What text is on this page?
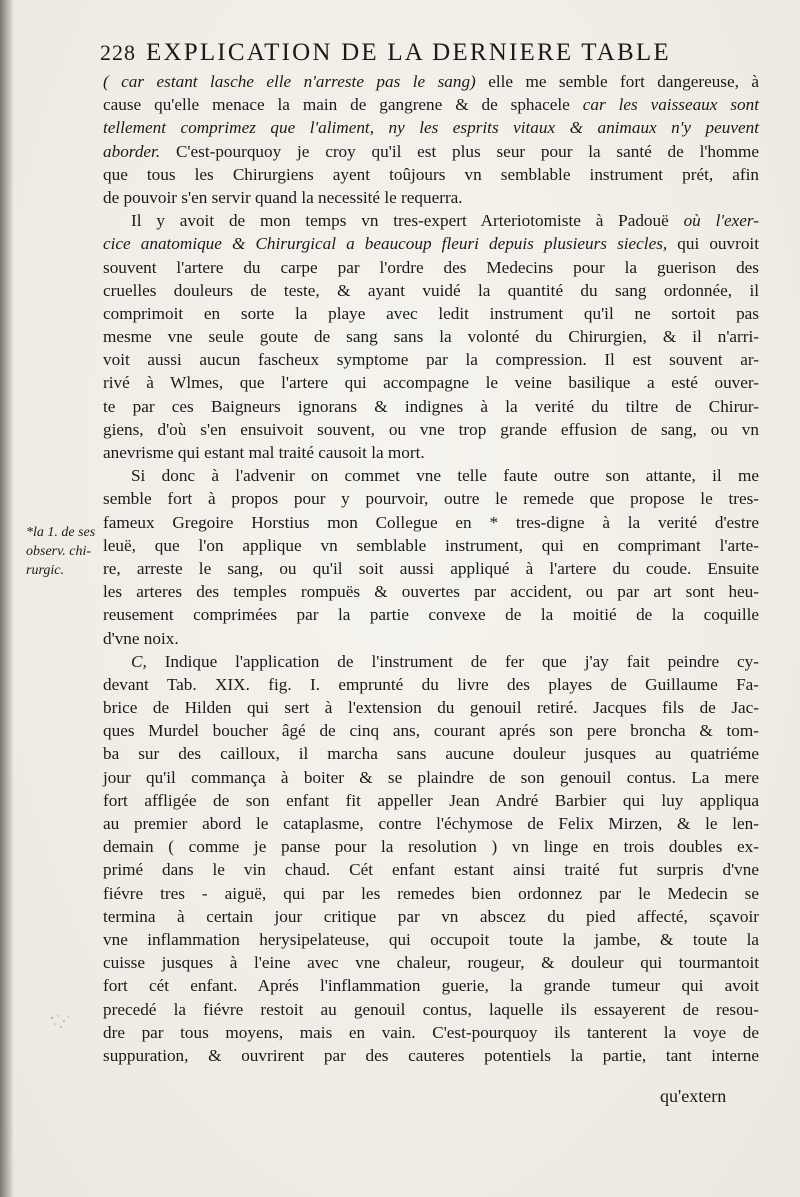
228 EXPLICATION DE LA DERNIERE TABLE
*la 1. de ses
observ. chi-
rurgic.
( car estant lasche elle n'arreste pas le sang) elle me semble fort dangereuse, à
cause qu'elle menace la main de gangrene & de sphacele car les vaisseaux sont
tellement comprimez que l'aliment, ny les esprits vitaux & animaux n'y peuvent
aborder. C'est-pourquoy je croy qu'il est plus seur pour la santé de l'homme
que tous les Chirurgiens ayent toûjours vn semblable instrument prét, afin
de pouvoir s'en servir quand la necessité le requerra.
Il y avoit de mon temps vn tres-expert Arteriotomiste à Padouë où l'exer-
cice anatomique & Chirurgical a beaucoup fleuri depuis plusieurs siecles, qui ouvroit
souvent l'artere du carpe par l'ordre des Medecins pour la guerison des
cruelles douleurs de teste, & ayant vuidé la quantité du sang ordonnée, il
comprimoit en sorte la playe avec ledit instrument qu'il ne sortoit pas
mesme vne seule goute de sang sans la volonté du Chirurgien, & il n'arri-
voit aussi aucun fascheux symptome par la compression. Il est souvent ar-
rivé à Wlmes, que l'artere qui accompagne le veine basilique a esté ouver-
te par ces Baigneurs ignorans & indignes à la verité du tiltre de Chirur-
giens, d'où s'en ensuivoit souvent, ou vne trop grande effusion de sang, ou vn
anevrisme qui estant mal traité causoit la mort.
Si donc à l'advenir on commet vne telle faute outre son attante, il me
semble fort à propos pour y pourvoir, outre le remede que propose le tres-
fameux Gregoire Horstius mon Collegue en * tres-digne à la verité d'estre
leuë, que l'on applique vn semblable instrument, qui en comprimant l'arte-
re, arreste le sang, ou qu'il soit aussi appliqué à l'artere du coude. Ensuite
les arteres des temples rompuës & ouvertes par accident, ou par art sont heu-
reusement comprimées par la partie convexe de la moitié de la coquille
d'vne noix.
C, Indique l'application de l'instrument de fer que j'ay fait peindre cy-
devant Tab. XIX. fig. I. emprunté du livre des playes de Guillaume Fa-
brice de Hilden qui sert à l'extension du genouil retiré. Jacques fils de Jac-
ques Murdel boucher âgé de cinq ans, courant aprés son pere broncha & tom-
ba sur des cailloux, il marcha sans aucune douleur jusques au quatriéme
jour qu'il commança à boiter & se plaindre de son genouil contus. La mere
fort affligée de son enfant fit appeller Jean André Barbier qui luy appliqua
au premier abord le cataplasme, contre l'échymose de Felix Mirzen, & le len-
demain ( comme je panse pour la resolution ) vn linge en trois doubles ex-
primé dans le vin chaud. Cét enfant estant ainsi traité fut surpris d'vne
fiévre tres - aiguë, qui par les remedes bien ordonnez par le Medecin se
termina à certain jour critique par vn abscez du pied affecté, sçavoir
vne inflammation herysipelateuse, qui occupoit toute la jambe, & toute la
cuisse jusques à l'eine avec vne chaleur, rougeur, & douleur qui tourmantoit
fort cét enfant. Aprés l'inflammation guerie, la grande tumeur qui avoit
precedé la fiévre restoit au genouil contus, laquelle ils essayerent de resou-
dre par tous moyens, mais en vain. C'est-pourquoy ils tanterent la voye de
suppuration, & ouvrirent par des cauteres potentiels la partie, tant interne
qu'extern
